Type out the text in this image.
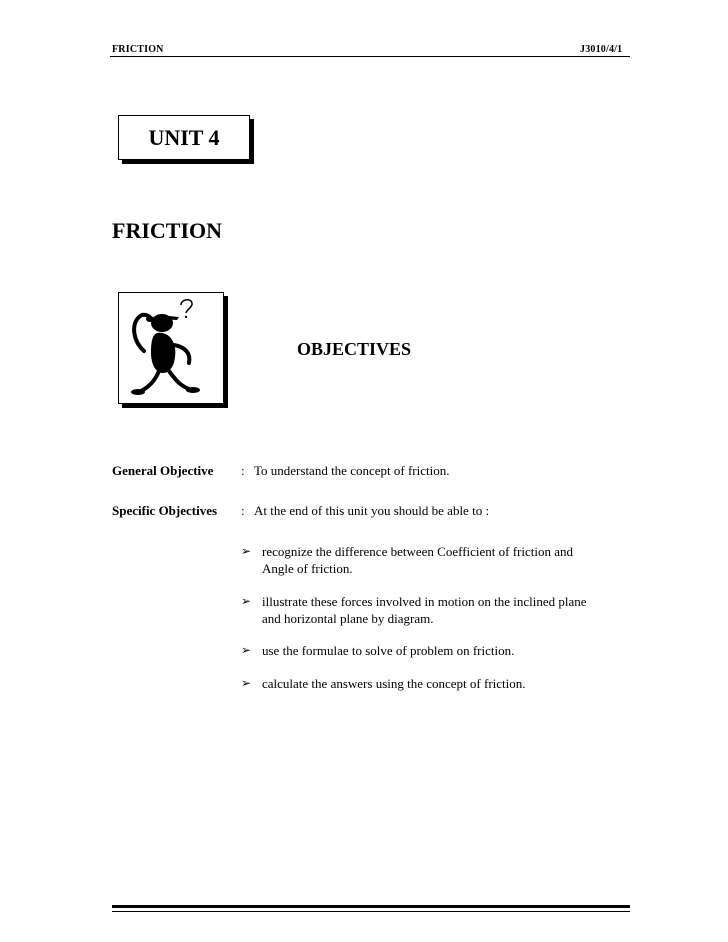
FRICTION	J3010/4/1
UNIT 4
FRICTION
OBJECTIVES
General Objective : To understand the concept of friction.
Specific Objectives : At the end of this unit you should be able to :
➢ recognize the difference between Coefficient of friction and
Angle of friction.
➢ illustrate these forces involved in motion on the inclined plane
and horizontal plane by diagram.
➢ use the formulae to solve of problem on friction.
➢ calculate the answers using the concept of friction.
